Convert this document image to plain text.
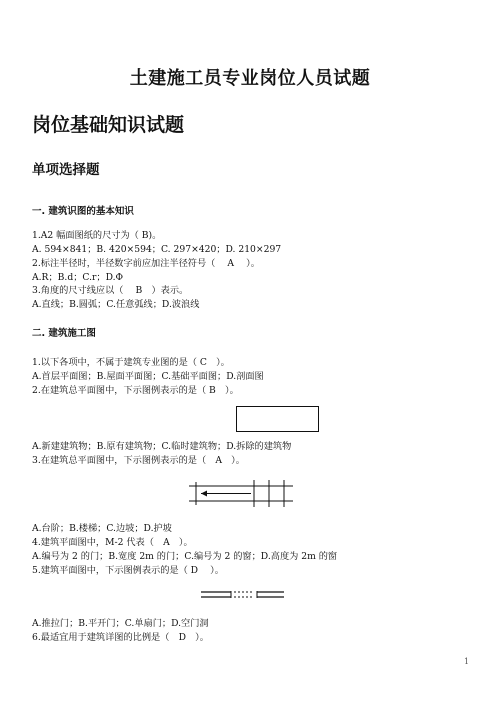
土建施工员专业岗位人员试题
岗位基础知识试题
单项选择题
一. 建筑识图的基本知识
1.A2 幅面图纸的尺寸为（ B)。
A. 594×841；B. 420×594；C. 297×420；D. 210×297
2.标注半径时，半径数字前应加注半径符号（　 A　 ）。
A.R；B.d；C.r；D.Φ
3.角度的尺寸线应以（　 B　）表示。
A.直线；B.圆弧；C.任意弧线；D.波浪线
二. 建筑施工图
1.以下各项中，不属于建筑专业图的是（ C　）。
A.首层平面图；B.屋面平面图；C.基础平面图；D.剖面图
2.在建筑总平面图中，下示图例表示的是（ B　）。
A.新建建筑物；B.原有建筑物；C.临时建筑物；D.拆除的建筑物
3.在建筑总平面图中，下示图例表示的是（　A　）。
A.台阶；B.楼梯；C.边坡；D.护坡
4.建筑平面图中，M-2 代表（　A　）。
A.编号为 2 的门；B.宽度 2m 的门；C.编号为 2 的窗；D.高度为 2m 的窗
5.建筑平面图中，下示图例表示的是（ D　 ）。
A.推拉门；B.平开门；C.单扇门；D.空门洞
6.最适宜用于建筑详图的比例是（　D　）。
1
